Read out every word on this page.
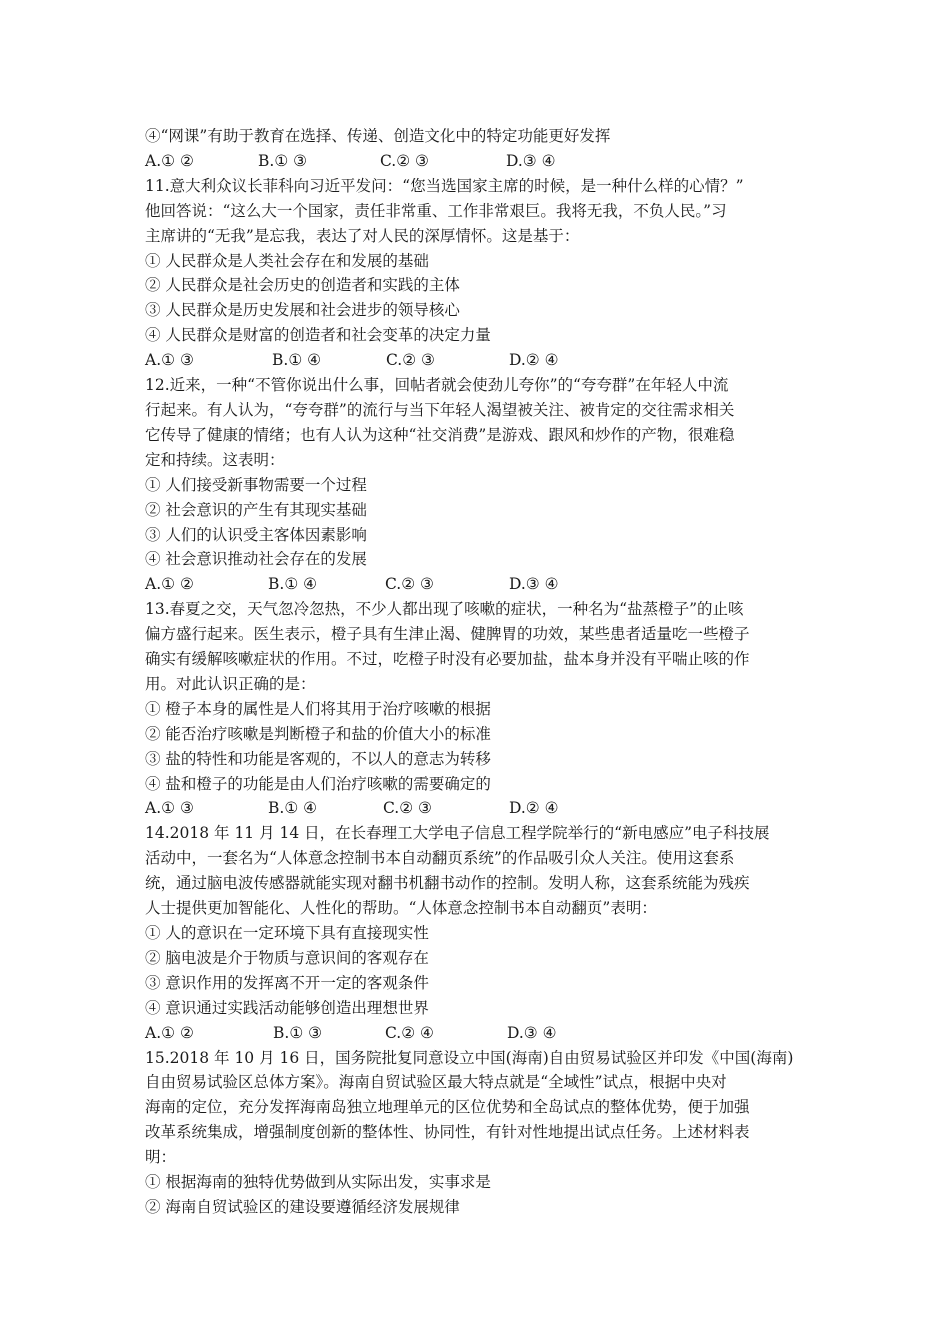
④“网课”有助于教育在选择、传递、创造文化中的特定功能更好发挥
A.① ②	B.① ③	C.② ③	D.③ ④
11.意大利众议长菲科向习近平发问：“您当选国家主席的时候，是一种什么样的心情？”
他回答说：“这么大一个国家，责任非常重、工作非常艰巨。我将无我，不负人民。”习
主席讲的“无我”是忘我，表达了对人民的深厚情怀。这是基于：
① 人民群众是人类社会存在和发展的基础
② 人民群众是社会历史的创造者和实践的主体
③ 人民群众是历史发展和社会进步的领导核心
④ 人民群众是财富的创造者和社会变革的决定力量
A.① ③	B.① ④	C.② ③	D.② ④
12.近来，一种“不管你说出什么事，回帖者就会使劲儿夸你”的“夸夸群”在年轻人中流
行起来。有人认为，“夸夸群”的流行与当下年轻人渴望被关注、被肯定的交往需求相关
它传导了健康的情绪；也有人认为这种“社交消费”是游戏、跟风和炒作的产物，很难稳
定和持续。这表明：
① 人们接受新事物需要一个过程
② 社会意识的产生有其现实基础
③ 人们的认识受主客体因素影响
④ 社会意识推动社会存在的发展
A.① ②	B.① ④	C.② ③	D.③ ④
13.春夏之交，天气忽冷忽热，不少人都出现了咳嗽的症状，一种名为“盐蒸橙子”的止咳
偏方盛行起来。医生表示，橙子具有生津止渴、健脾胃的功效，某些患者适量吃一些橙子
确实有缓解咳嗽症状的作用。不过，吃橙子时没有必要加盐，盐本身并没有平喘止咳的作
用。对此认识正确的是：
① 橙子本身的属性是人们将其用于治疗咳嗽的根据
② 能否治疗咳嗽是判断橙子和盐的价值大小的标准
③ 盐的特性和功能是客观的，不以人的意志为转移
④ 盐和橙子的功能是由人们治疗咳嗽的需要确定的
A.① ③	B.① ④	C.② ③	D.② ④
14.2018 年 11 月 14 日，在长春理工大学电子信息工程学院举行的“新电感应”电子科技展
活动中，一套名为“人体意念控制书本自动翻页系统”的作品吸引众人关注。使用这套系
统，通过脑电波传感器就能实现对翻书机翻书动作的控制。发明人称，这套系统能为残疾
人士提供更加智能化、人性化的帮助。“人体意念控制书本自动翻页”表明：
① 人的意识在一定环境下具有直接现实性
② 脑电波是介于物质与意识间的客观存在
③ 意识作用的发挥离不开一定的客观条件
④ 意识通过实践活动能够创造出理想世界
A.① ②	B.① ③	C.② ④	D.③ ④
15.2018 年 10 月 16 日，国务院批复同意设立中国(海南)自由贸易试验区并印发《中国(海南)
自由贸易试验区总体方案》。海南自贸试验区最大特点就是“全域性”试点，根据中央对
海南的定位，充分发挥海南岛独立地理单元的区位优势和全岛试点的整体优势，便于加强
改革系统集成，增强制度创新的整体性、协同性，有针对性地提出试点任务。上述材料表
明：
① 根据海南的独特优势做到从实际出发，实事求是
② 海南自贸试验区的建设要遵循经济发展规律
